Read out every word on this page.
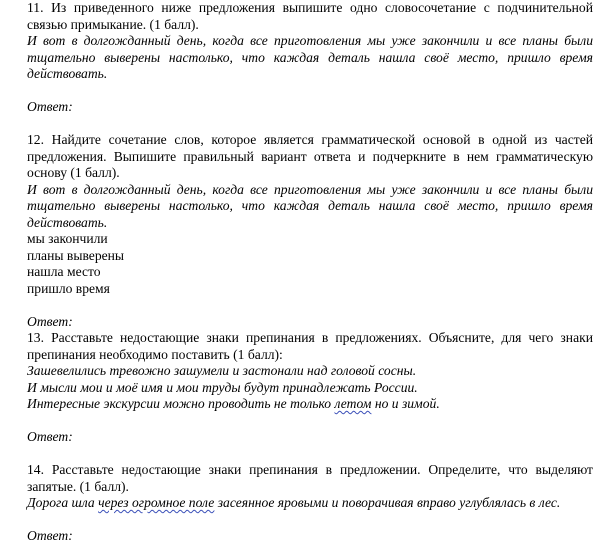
11. Из приведенного ниже предложения выпишите одно словосочетание с подчинительной
связью примыкание. (1 балл).
И вот в долгожданный день, когда все приготовления мы уже закончили и все планы были
тщательно выверены настолько, что каждая деталь нашла своё место, пришло время
действовать.
Ответ:
12. Найдите сочетание слов, которое является грамматической основой в одной из частей
предложения. Выпишите правильный вариант ответа и подчеркните в нем грамматическую
основу (1 балл).
И вот в долгожданный день, когда все приготовления мы уже закончили и все планы были
тщательно выверены настолько, что каждая деталь нашла своё место, пришло время
действовать.
мы закончили
планы выверены
нашла место
пришло время
Ответ:
13. Расставьте недостающие знаки препинания в предложениях. Объясните, для чего знаки
препинания необходимо поставить (1 балл):
Зашевелились тревожно зашумели и застонали над головой сосны.
И мысли мои и моё имя и мои труды будут принадлежать России.
Интересные экскурсии можно проводить не только летом но и зимой.
Ответ:
14. Расставьте недостающие знаки препинания в предложении. Определите, что выделяют
запятые. (1 балл).
Дорога шла через огромное поле засеянное яровыми и поворачивая вправо углублялась в лес.
Ответ:
